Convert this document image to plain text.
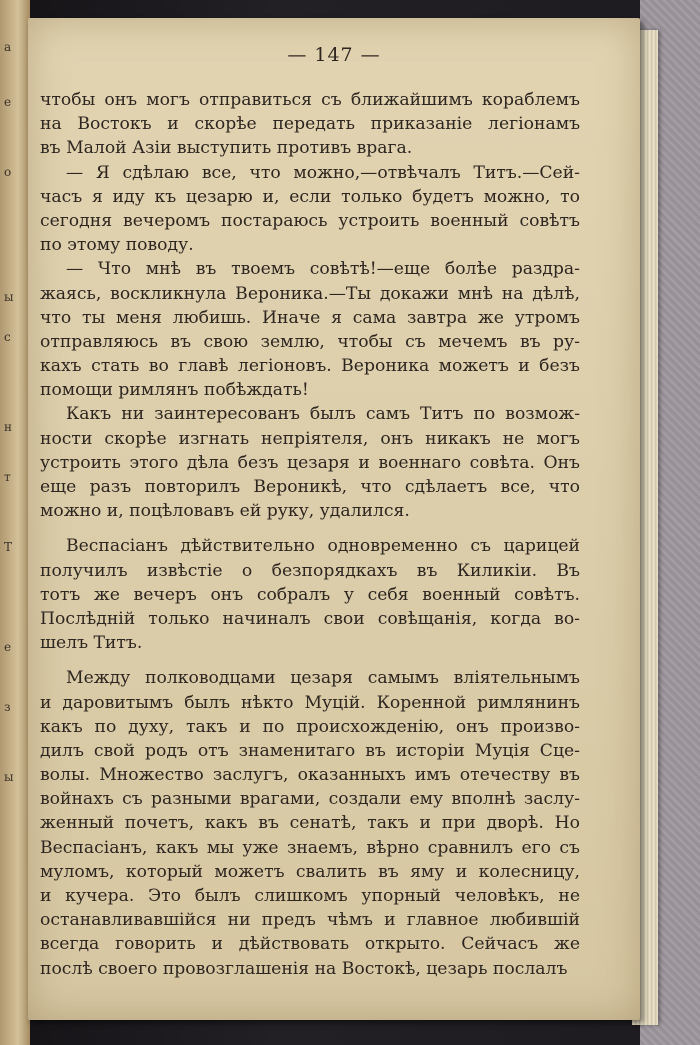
а
е
о
ы
с
н
т
Т
е
з
ы
— 147 —
чтобы онъ могъ отправиться съ ближайшимъ кораблемъ
на Востокъ и скорѣе передать приказаніе легіонамъ
въ Малой Азіи выступить противъ врага.
— Я сдѣлаю все, что можно,—отвѣчалъ Титъ.—Сей-
часъ я иду къ цезарю и, если только будетъ можно, то
сегодня вечеромъ постараюсь устроить военный совѣтъ
по этому поводу.
— Что мнѣ въ твоемъ совѣтѣ!—еще болѣе раздра-
жаясь, воскликнула Вероника.—Ты докажи мнѣ на дѣлѣ,
что ты меня любишь. Иначе я сама завтра же утромъ
отправляюсь въ свою землю, чтобы съ мечемъ въ ру-
кахъ стать во главѣ легіоновъ. Вероника можетъ и безъ
помощи римлянъ побѣждать!
Какъ ни заинтересованъ былъ самъ Титъ по возмож-
ности скорѣе изгнать непріятеля, онъ никакъ не могъ
устроить этого дѣла безъ цезаря и военнаго совѣта. Онъ
еще разъ повторилъ Вероникѣ, что сдѣлаетъ все, что
можно и, поцѣловавъ ей руку, удалился.
Веспасіанъ дѣйствительно одновременно съ царицей
получилъ извѣстіе о безпорядкахъ въ Киликіи. Въ
тотъ же вечеръ онъ собралъ у себя военный совѣтъ.
Послѣдній только начиналъ свои совѣщанія, когда во-
шелъ Титъ.
Между полководцами цезаря самымъ вліятельнымъ
и даровитымъ былъ нѣкто Муцій. Коренной римлянинъ
какъ по духу, такъ и по происхожденію, онъ произво-
дилъ свой родъ отъ знаменитаго въ исторіи Муція Сце-
волы. Множество заслугъ, оказанныхъ имъ отечеству въ
войнахъ съ разными врагами, создали ему вполнѣ заслу-
женный почетъ, какъ въ сенатѣ, такъ и при дворѣ. Но
Веспасіанъ, какъ мы уже знаемъ, вѣрно сравнилъ его съ
муломъ, который можетъ свалить въ яму и колесницу,
и кучера. Это былъ слишкомъ упорный человѣкъ, не
останавливавшійся ни предъ чѣмъ и главное любившій
всегда говорить и дѣйствовать открыто. Сейчасъ же
послѣ своего провозглашенія на Востокѣ, цезарь послалъ
